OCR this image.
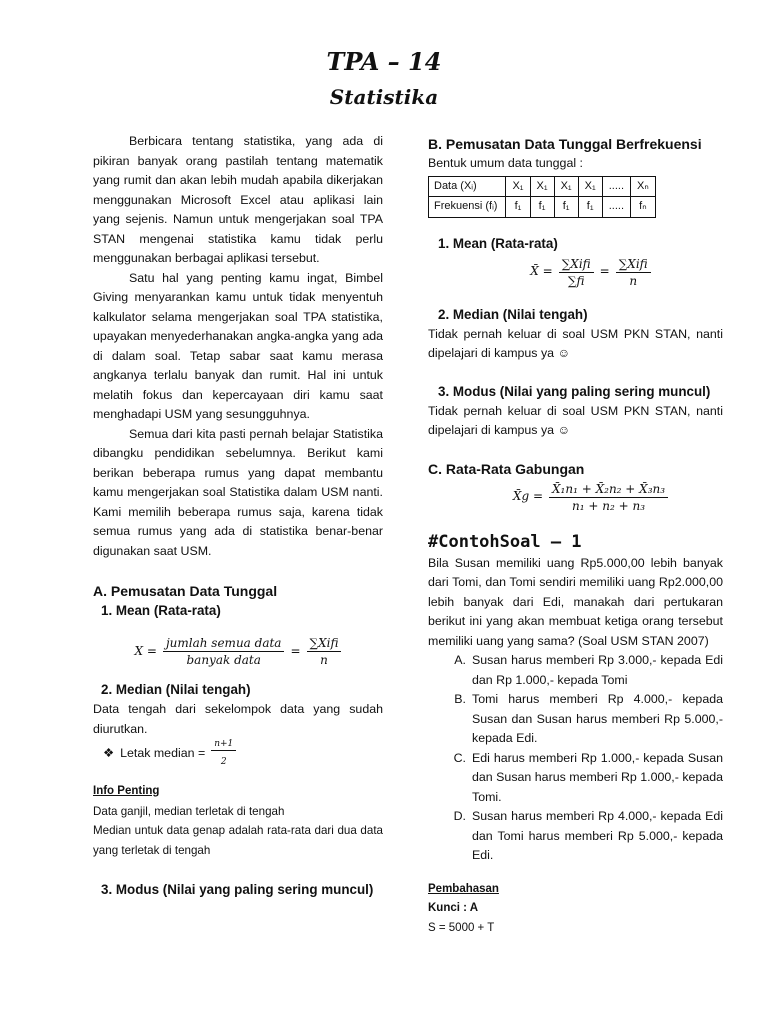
TPA – 14
Statistika

Berbicara tentang statistika, yang ada di pikiran banyak orang pastilah tentang matematik yang rumit dan akan lebih mudah apabila dikerjakan menggunakan Microsoft Excel atau aplikasi lain yang sejenis. Namun untuk mengerjakan soal TPA STAN mengenai statistika kamu tidak perlu menggunakan berbagai aplikasi tersebut.

Satu hal yang penting kamu ingat, Bimbel Giving menyarankan kamu untuk tidak menyentuh kalkulator selama mengerjakan soal TPA statistika, upayakan menyederhanakan angka-angka yang ada di dalam soal. Tetap sabar saat kamu merasa angkanya terlalu banyak dan rumit. Hal ini untuk melatih fokus dan kepercayaan diri kamu saat menghadapi USM yang sesungguhnya.

Semua dari kita pasti pernah belajar Statistika dibangku pendidikan sebelumnya. Berikut kami berikan beberapa rumus yang dapat membantu kamu mengerjakan soal Statistika dalam USM nanti. Kami memilih beberapa rumus saja, karena tidak semua rumus yang ada di statistika benar-benar digunakan saat USM.

A. Pemusatan Data Tunggal
1. Mean (Rata-rata)
$X = \frac{\text{jumlah semua data}}{\text{banyak data}} = \frac{\text{∑Xifi}}{n}$
2. Median (Nilai tengah)

Data tengah dari sekelompok data yang sudah diurutkan.

❖ Letak median = $\frac{n+1}{2}$
Info Penting

Data ganjil, median terletak di tengah

Median untuk data genap adalah rata-rata dari dua data yang terletak di tengah

3. Modus (Nilai yang paling sering muncul)
B. Pemusatan Data Tunggal Berfrekuensi

Bentuk umum data tunggal :

Data (Xᵢ)	X₁	X₁	X₁	X₁	.....	Xₙ
Frekuensi (fᵢ)	f₁	f₁	f₁	f₁	.....	fₙ
1. Mean (Rata-rata)
X̄ = $\frac{\text{∑Xifi}}{\sum fi} = \frac{\text{∑Xifi}}{n}$
2. Median (Nilai tengah)

Tidak pernah keluar di soal USM PKN STAN, nanti dipelajari di kampus ya ☺

3. Modus (Nilai yang paling sering muncul)

Tidak pernah keluar di soal USM PKN STAN, nanti dipelajari di kampus ya ☺

C. Rata-Rata Gabungan
X̄g = $\frac{\text{X̄₁n₁ + X̄₂n₂ + X̄₃n₃}}{\text{n₁ + n₂ + n₃}}$
#ContohSoal – 1

Bila Susan memiliki uang Rp5.000,00 lebih banyak dari Tomi, dan Tomi sendiri memiliki uang Rp2.000,00 lebih banyak dari Edi, manakah dari pertukaran berikut ini yang akan membuat ketiga orang tersebut memiliki uang yang sama? (Soal USM STAN 2007)

A. Susan harus memberi Rp 3.000,- kepada Edi dan Rp 1.000,- kepada Tomi
B. Tomi harus memberi Rp 4.000,- kepada Susan dan Susan harus memberi Rp 5.000,- kepada Edi.
C. Edi harus memberi Rp 1.000,- kepada Susan dan Susan harus memberi Rp 1.000,- kepada Tomi.
D. Susan harus memberi Rp 4.000,- kepada Edi dan Tomi harus memberi Rp 5.000,- kepada Edi.
Pembahasan
Kunci : A
S = 5000 + T
